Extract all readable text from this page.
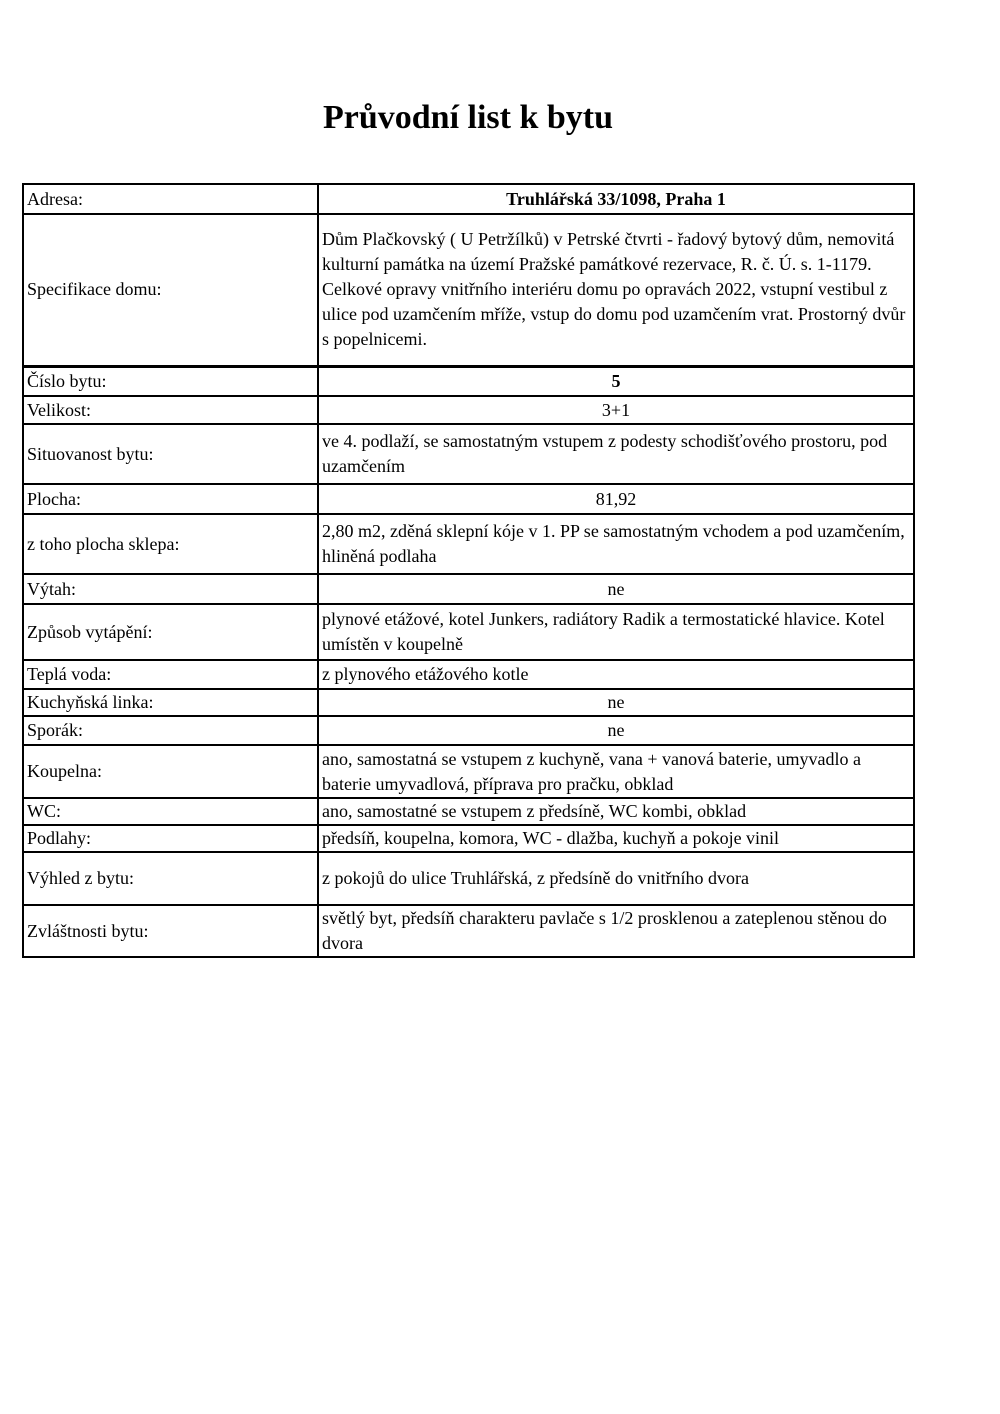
Průvodní list k bytu
Adresa:	Truhlářská 33/1098, Praha 1
Specifikace domu:	Dům Plačkovský ( U Petržílků) v Petrské čtvrti - řadový bytový dům, nemovitá kulturní památka na území Pražské památkové rezervace, R. č. Ú. s. 1-1179. Celkové opravy vnitřního interiéru domu po opravách 2022, vstupní vestibul z ulice pod uzamčením mříže, vstup do domu pod uzamčením vrat. Prostorný dvůr s popelnicemi.
Číslo bytu:	5
Velikost:	3+1
Situovanost bytu:	ve 4. podlaží, se samostatným vstupem z podesty schodišťového prostoru, pod uzamčením
Plocha:	81,92
z toho plocha sklepa:	2,80 m2, zděná sklepní kóje v 1. PP se samostatným vchodem a pod uzamčením, hliněná podlaha
Výtah:	ne
Způsob vytápění:	plynové etážové, kotel Junkers, radiátory Radik a termostatické hlavice. Kotel umístěn v koupelně
Teplá voda:	z plynového etážového kotle
Kuchyňská linka:	ne
Sporák:	ne
Koupelna:	ano, samostatná se vstupem z kuchyně, vana + vanová baterie, umyvadlo a baterie umyvadlová, příprava pro pračku, obklad
WC:	ano, samostatné se vstupem z předsíně, WC kombi, obklad
Podlahy:	předsíň, koupelna, komora, WC - dlažba, kuchyň a pokoje vinil
Výhled z bytu:	z pokojů do ulice Truhlářská, z předsíně do vnitřního dvora
Zvláštnosti bytu:	světlý byt, předsíň charakteru pavlače s 1/2 prosklenou a zateplenou stěnou do dvora
